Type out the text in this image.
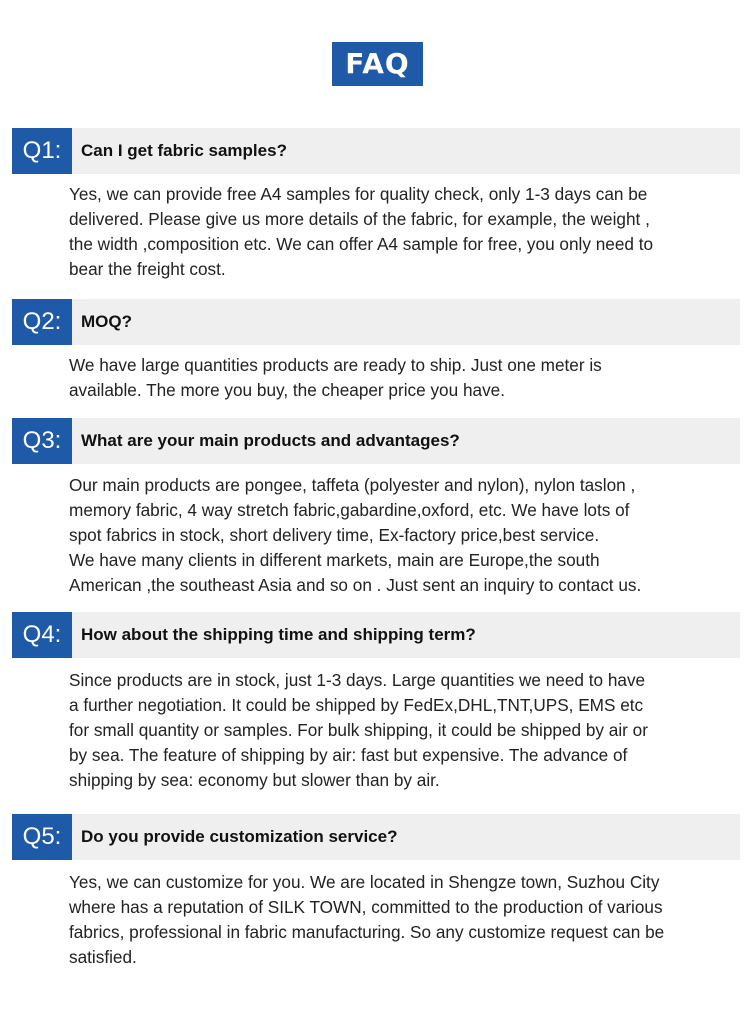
FAQ
Q1:	Can I get fabric samples?
Yes, we can provide free A4 samples for quality check, only 1-3 days can be
delivered. Please give us more details of the fabric, for example, the weight ,
the width ,composition etc. We can offer A4 sample for free, you only need to
bear the freight cost.
Q2:	MOQ?
We have large quantities products are ready to ship. Just one meter is
available. The more you buy, the cheaper price you have.
Q3:	What are your main products and advantages?
Our main products are pongee, taffeta (polyester and nylon), nylon taslon ,
memory fabric, 4 way stretch fabric,gabardine,oxford, etc. We have lots of
spot fabrics in stock, short delivery time, Ex-factory price,best service.
We have many clients in different markets, main are Europe,the south
American ,the southeast Asia and so on . Just sent an inquiry to contact us.
Q4:	How about the shipping time and shipping term?
Since products are in stock, just 1-3 days. Large quantities we need to have
a further negotiation. It could be shipped by FedEx,DHL,TNT,UPS, EMS etc
for small quantity or samples. For bulk shipping, it could be shipped by air or
by sea. The feature of shipping by air: fast but expensive. The advance of
shipping by sea: economy but slower than by air.
Q5:	Do you provide customization service?
Yes, we can customize for you. We are located in Shengze town, Suzhou City
where has a reputation of SILK TOWN, committed to the production of various
fabrics, professional in fabric manufacturing. So any customize request can be
satisfied.
